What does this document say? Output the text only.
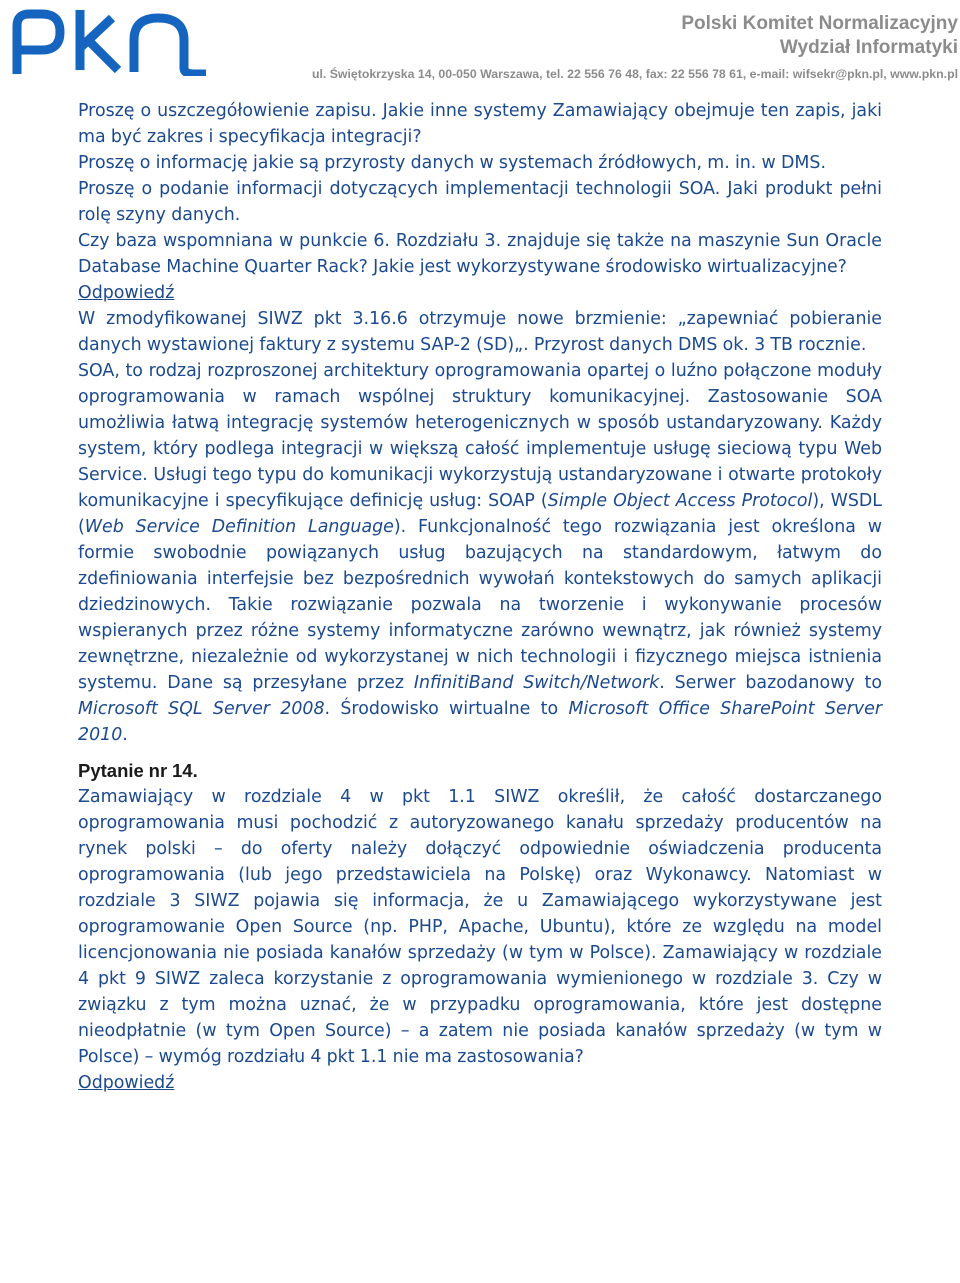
Polski Komitet Normalizacyjny
Wydział Informatyki
ul. Świętokrzyska 14, 00-050 Warszawa, tel. 22 556 76 48, fax: 22 556 78 61, e-mail: wifsekr@pkn.pl, www.pkn.pl

Proszę o uszczegółowienie zapisu. Jakie inne systemy Zamawiający obejmuje ten zapis, jaki ma być zakres i specyfikacja integracji?

Proszę o informację jakie są przyrosty danych w systemach źródłowych, m. in. w DMS.

Proszę o podanie informacji dotyczących implementacji technologii SOA. Jaki produkt pełni rolę szyny danych.

Czy baza wspomniana w punkcie 6. Rozdziału 3. znajduje się także na maszynie Sun Oracle Database Machine Quarter Rack? Jakie jest wykorzystywane środowisko wirtualizacyjne?

Odpowiedź

W zmodyfikowanej SIWZ pkt 3.16.6 otrzymuje nowe brzmienie: „zapewniać pobieranie danych wystawionej faktury z systemu SAP-2 (SD)„. Przyrost danych DMS ok. 3 TB rocznie.

SOA, to rodzaj rozproszonej architektury oprogramowania opartej o luźno połączone moduły oprogramowania w ramach wspólnej struktury komunikacyjnej. Zastosowanie SOA umożliwia łatwą integrację systemów heterogenicznych w sposób ustandaryzowany. Każdy system, który podlega integracji w większą całość implementuje usługę sieciową typu Web Service. Usługi tego typu do komunikacji wykorzystują ustandaryzowane i otwarte protokoły komunikacyjne i specyfikujące definicję usług: SOAP (Simple Object Access Protocol), WSDL (Web Service Definition Language). Funkcjonalność tego rozwiązania jest określona w formie swobodnie powiązanych usług bazujących na standardowym, łatwym do zdefiniowania interfejsie bez bezpośrednich wywołań kontekstowych do samych aplikacji dziedzinowych. Takie rozwiązanie pozwala na tworzenie i wykonywanie procesów wspieranych przez różne systemy informatyczne zarówno wewnątrz, jak również systemy zewnętrzne, niezależnie od wykorzystanej w nich technologii i fizycznego miejsca istnienia systemu. Dane są przesyłane przez InfinitiBand Switch/Network. Serwer bazodanowy to Microsoft SQL Server 2008. Środowisko wirtualne to Microsoft Office SharePoint Server 2010.

Pytanie nr 14.

Zamawiający w rozdziale 4 w pkt 1.1 SIWZ określił, że całość dostarczanego oprogramowania musi pochodzić z autoryzowanego kanału sprzedaży producentów na rynek polski – do oferty należy dołączyć odpowiednie oświadczenia producenta oprogramowania (lub jego przedstawiciela na Polskę) oraz Wykonawcy. Natomiast w rozdziale 3 SIWZ pojawia się informacja, że u Zamawiającego wykorzystywane jest oprogramowanie Open Source (np. PHP, Apache, Ubuntu), które ze względu na model licencjonowania nie posiada kanałów sprzedaży (w tym w Polsce). Zamawiający w rozdziale 4 pkt 9 SIWZ zaleca korzystanie z oprogramowania wymienionego w rozdziale 3. Czy w związku z tym można uznać, że w przypadku oprogramowania, które jest dostępne nieodpłatnie (w tym Open Source) – a zatem nie posiada kanałów sprzedaży (w tym w Polsce) – wymóg rozdziału 4 pkt 1.1 nie ma zastosowania?

Odpowiedź
